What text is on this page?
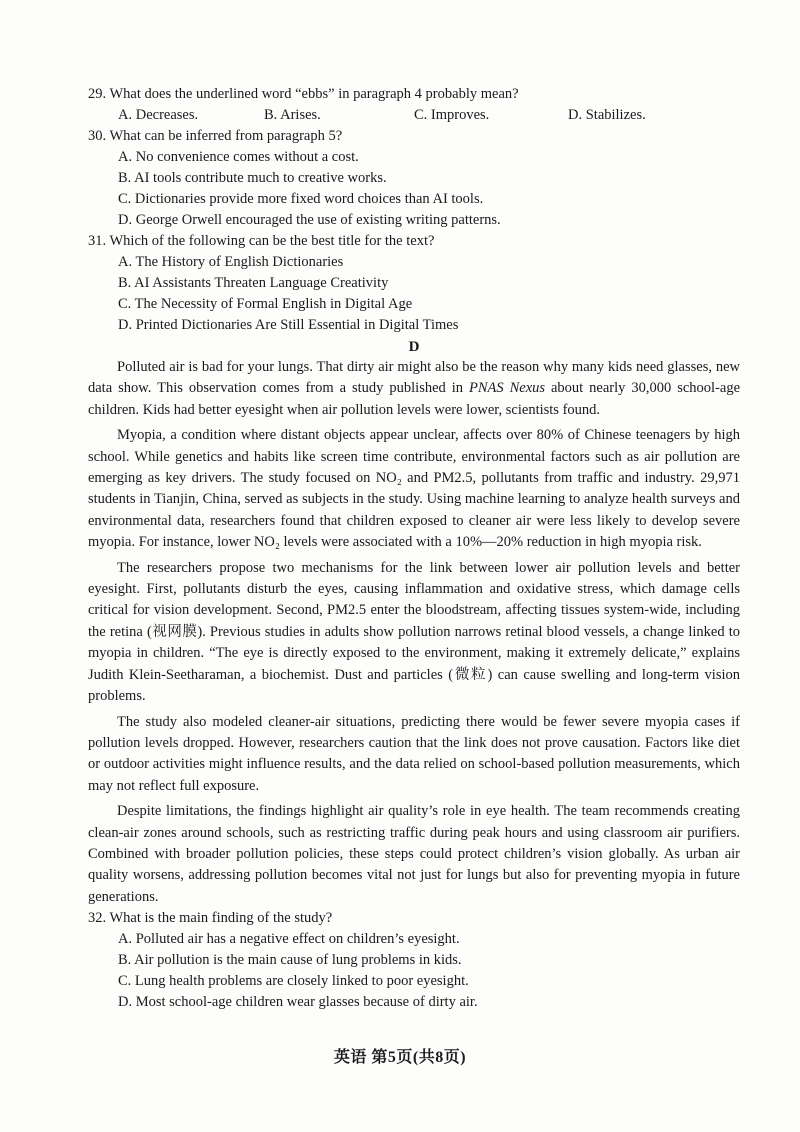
29. What does the underlined word “ebbs” in paragraph 4 probably mean?
A. Decreases.	B. Arises.	C. Improves.	D. Stabilizes.
30. What can be inferred from paragraph 5?
A. No convenience comes without a cost.
B. AI tools contribute much to creative works.
C. Dictionaries provide more fixed word choices than AI tools.
D. George Orwell encouraged the use of existing writing patterns.
31. Which of the following can be the best title for the text?
A. The History of English Dictionaries
B. AI Assistants Threaten Language Creativity
C. The Necessity of Formal English in Digital Age
D. Printed Dictionaries Are Still Essential in Digital Times
D

Polluted air is bad for your lungs. That dirty air might also be the reason why many kids need glasses, new data show. This observation comes from a study published in PNAS Nexus about nearly 30,000 school-age children. Kids had better eyesight when air pollution levels were lower, scientists found.

Myopia, a condition where distant objects appear unclear, affects over 80% of Chinese teenagers by high school. While genetics and habits like screen time contribute, environmental factors such as air pollution are emerging as key drivers. The study focused on NO₂ and PM2.5, pollutants from traffic and industry. 29,971 students in Tianjin, China, served as subjects in the study. Using machine learning to analyze health surveys and environmental data, researchers found that children exposed to cleaner air were less likely to develop severe myopia. For instance, lower NO₂ levels were associated with a 10%—20% reduction in high myopia risk.

The researchers propose two mechanisms for the link between lower air pollution levels and better eyesight. First, pollutants disturb the eyes, causing inflammation and oxidative stress, which damage cells critical for vision development. Second, PM2.5 enter the bloodstream, affecting tissues system-wide, including the retina (视网膜). Previous studies in adults show pollution narrows retinal blood vessels, a change linked to myopia in children. “The eye is directly exposed to the environment, making it extremely delicate,” explains Judith Klein-Seetharaman, a biochemist. Dust and particles (微粒) can cause swelling and long-term vision problems.

The study also modeled cleaner-air situations, predicting there would be fewer severe myopia cases if pollution levels dropped. However, researchers caution that the link does not prove causation. Factors like diet or outdoor activities might influence results, and the data relied on school-based pollution measurements, which may not reflect full exposure.

Despite limitations, the findings highlight air quality’s role in eye health. The team recommends creating clean-air zones around schools, such as restricting traffic during peak hours and using classroom air purifiers. Combined with broader pollution policies, these steps could protect children’s vision globally. As urban air quality worsens, addressing pollution becomes vital not just for lungs but also for preventing myopia in future generations.

32. What is the main finding of the study?
A. Polluted air has a negative effect on children’s eyesight.
B. Air pollution is the main cause of lung problems in kids.
C. Lung health problems are closely linked to poor eyesight.
D. Most school-age children wear glasses because of dirty air.
英语 第5页(共8页)
